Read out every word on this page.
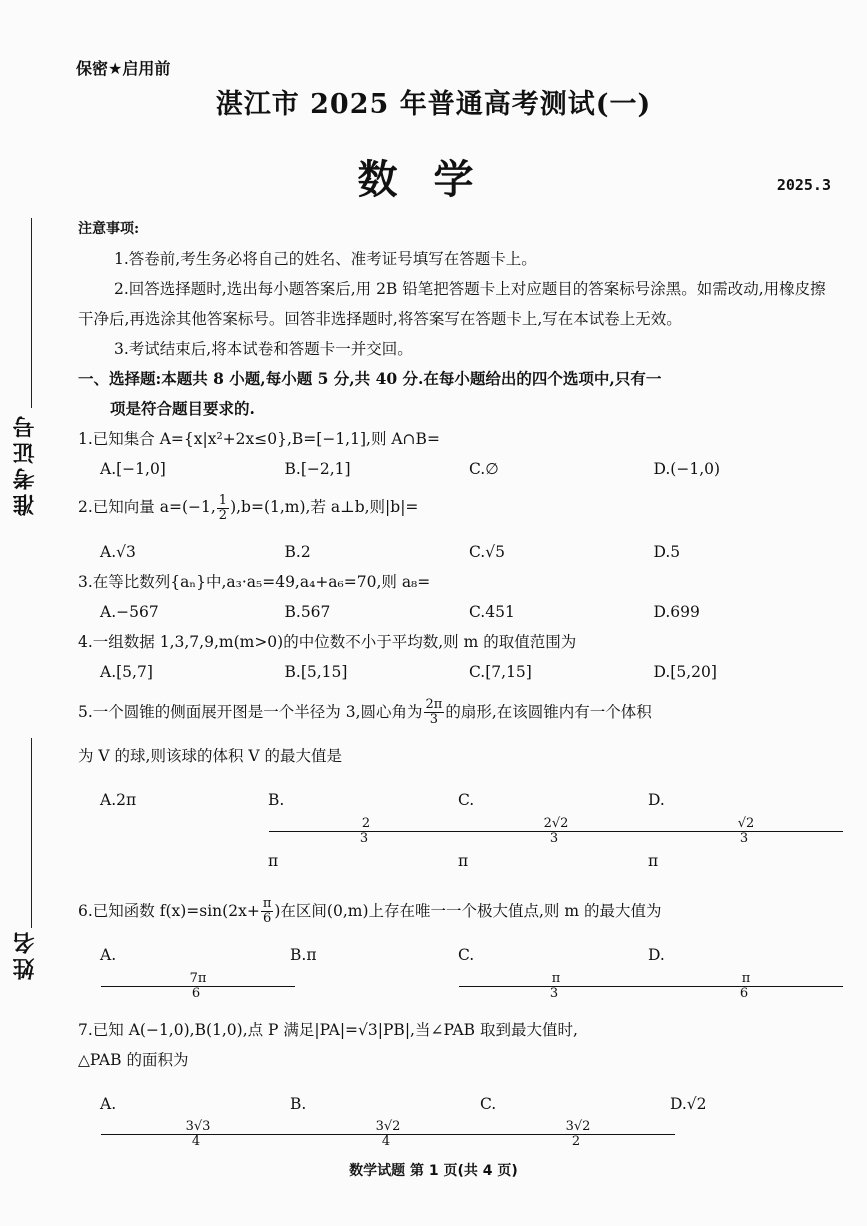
保密★启用前
湛江市 2025 年普通高考测试(一)
数学	2025.3
准考证号
姓名

注意事项:

1.答卷前,考生务必将自己的姓名、准考证号填写在答题卡上。

2.回答选择题时,选出每小题答案后,用 2B 铅笔把答题卡上对应题目的答案标号涂黑。如需改动,用橡皮擦干净后,再选涂其他答案标号。回答非选择题时,将答案写在答题卡上,写在本试卷上无效。

3.考试结束后,将本试卷和答题卡一并交回。

一、选择题:本题共 8 小题,每小题 5 分,共 40 分.在每小题给出的四个选项中,只有一

项是符合题目要求的.

1.已知集合 A={x|x²+2x≤0},B=[−1,1],则 A∩B=

A.[−1,0]	B.[−2,1]	C.∅	D.(−1,0)

2.已知向量 a=(−1, $\frac{1}{2} ),b=(1,m)$,若 a⊥b,则|b|=

A.√3	B.2	C.√5	D.5

3.在等比数列{aₙ}中,a₃·a₅=49,a₄+a₆=70,则 a₈=

A.−567	B.567	C.451	D.699

4.一组数据 1,3,7,9,m(m>0)的中位数不小于平均数,则 m 的取值范围为

A.[5,7]	B.[5,15]	C.[7,15]	D.[5,20]

5.一个圆锥的侧面展开图是一个半径为 3,圆心角为 $\frac{2\pi}{3}$ 的扇形,在该圆锥内有一个体积

为 V 的球,则该球的体积 V 的最大值是

A.2π	B.
$\frac{2}{3}$
π
C.
$\frac{2√2}{3}$
π
D.
$\frac{√2}{3}$
π

6.已知函数 $f(x)=\sin(2x+ \frac{\pi}{6}$ )在区间(0,m)上存在唯一一个极大值点,则 m 的最大值为

A.
$\frac{7\pi}{6}$
B.π	C.
$\frac{\pi}{3}$
D.
$\frac{\pi}{6}$

7.已知 A(−1,0),B(1,0),点 P 满足|PA|=√3|PB|,当∠PAB 取到最大值时,

△PAB 的面积为

A.
$\frac{3√3}{4}$
B.
$\frac{3√2}{4}$
C.
$\frac{3√2}{2}$
D.√2
数学试题 第 1 页(共 4 页)
